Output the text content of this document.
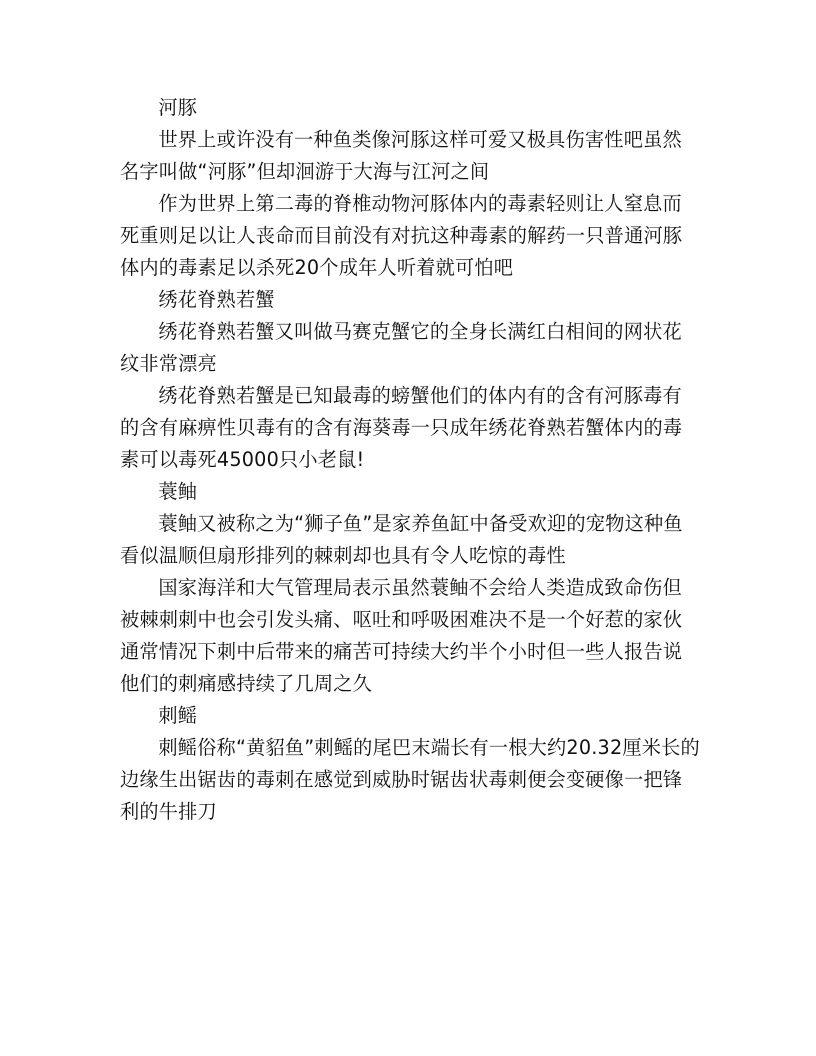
河豚

世界上或许没有一种鱼类像河豚这样可爱又极具伤害性吧虽然名字叫做“河豚”但却洄游于大海与江河之间

作为世界上第二毒的脊椎动物河豚体内的毒素轻则让人窒息而死重则足以让人丧命而目前没有对抗这种毒素的解药一只普通河豚体内的毒素足以杀死20个成年人听着就可怕吧

绣花脊熟若蟹

绣花脊熟若蟹又叫做马赛克蟹它的全身长满红白相间的网状花纹非常漂亮

绣花脊熟若蟹是已知最毒的螃蟹他们的体内有的含有河豚毒有的含有麻痹性贝毒有的含有海葵毒一只成年绣花脊熟若蟹体内的毒素可以毒死45000只小老鼠!

蓑鲉

蓑鲉又被称之为“狮子鱼”是家养鱼缸中备受欢迎的宠物这种鱼看似温顺但扇形排列的棘刺却也具有令人吃惊的毒性

国家海洋和大气管理局表示虽然蓑鲉不会给人类造成致命伤但被棘刺刺中也会引发头痛、呕吐和呼吸困难决不是一个好惹的家伙通常情况下刺中后带来的痛苦可持续大约半个小时但一些人报告说他们的刺痛感持续了几周之久

刺鳐

刺鳐俗称“黄貂鱼”刺鳐的尾巴末端长有一根大约20.32厘米长的边缘生出锯齿的毒刺在感觉到威胁时锯齿状毒刺便会变硬像一把锋利的牛排刀
